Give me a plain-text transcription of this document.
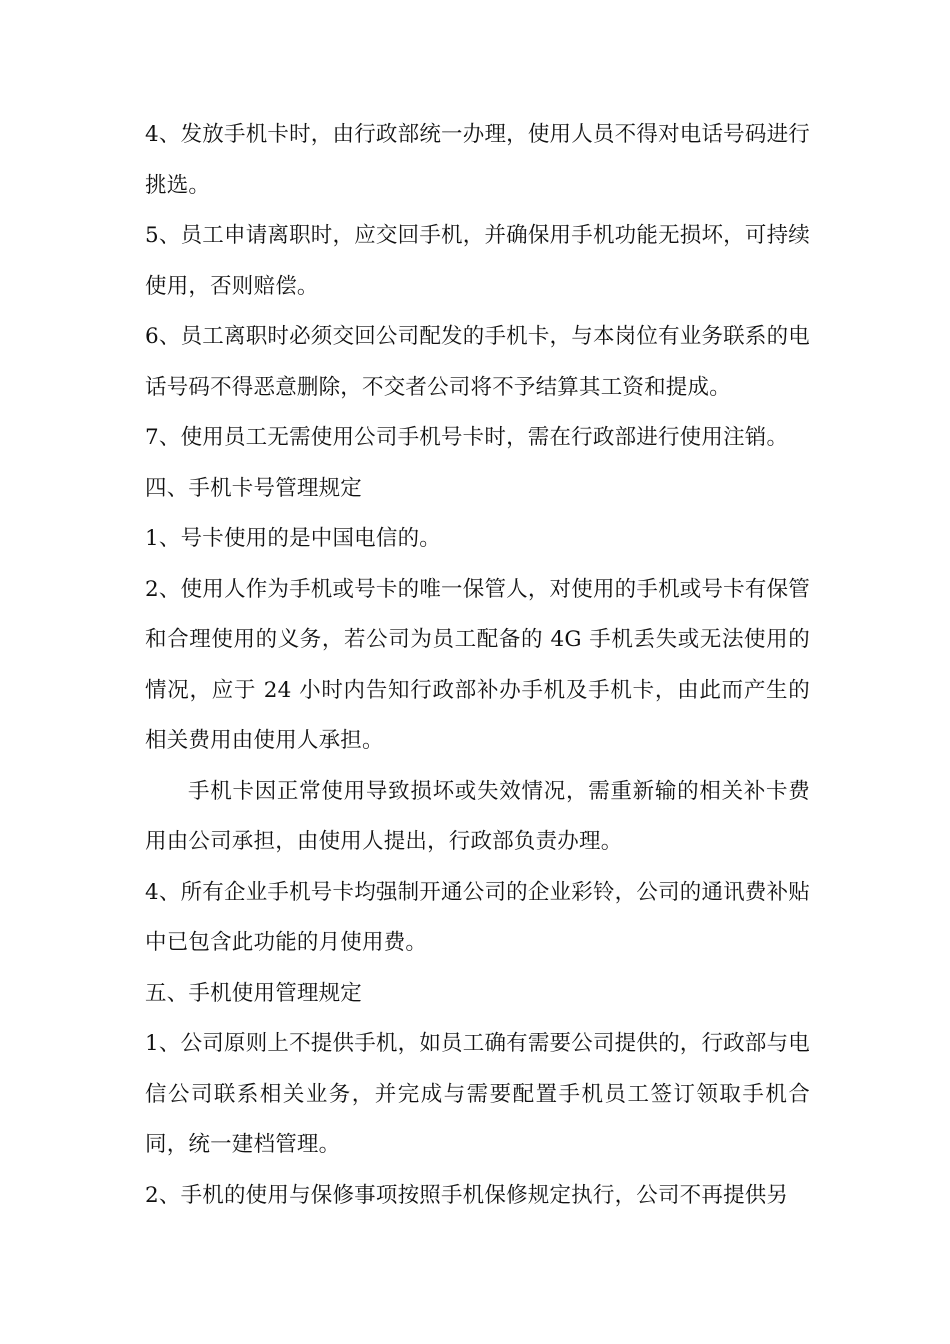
4、发放手机卡时，由行政部统一办理，使用人员不得对电话号码进行挑选。

5、员工申请离职时，应交回手机，并确保用手机功能无损坏，可持续使用，否则赔偿。

6、员工离职时必须交回公司配发的手机卡，与本岗位有业务联系的电话号码不得恶意删除，不交者公司将不予结算其工资和提成。

7、使用员工无需使用公司手机号卡时，需在行政部进行使用注销。

四、手机卡号管理规定

1、号卡使用的是中国电信的。

2、使用人作为手机或号卡的唯一保管人，对使用的手机或号卡有保管和合理使用的义务，若公司为员工配备的 4G 手机丢失或无法使用的情况，应于 24 小时内告知行政部补办手机及手机卡，由此而产生的相关费用由使用人承担。

手机卡因正常使用导致损坏或失效情况，需重新输的相关补卡费用由公司承担，由使用人提出，行政部负责办理。

4、所有企业手机号卡均强制开通公司的企业彩铃，公司的通讯费补贴中已包含此功能的月使用费。

五、手机使用管理规定

1、公司原则上不提供手机，如员工确有需要公司提供的，行政部与电信公司联系相关业务，并完成与需要配置手机员工签订领取手机合同，统一建档管理。

2、手机的使用与保修事项按照手机保修规定执行，公司不再提供另
